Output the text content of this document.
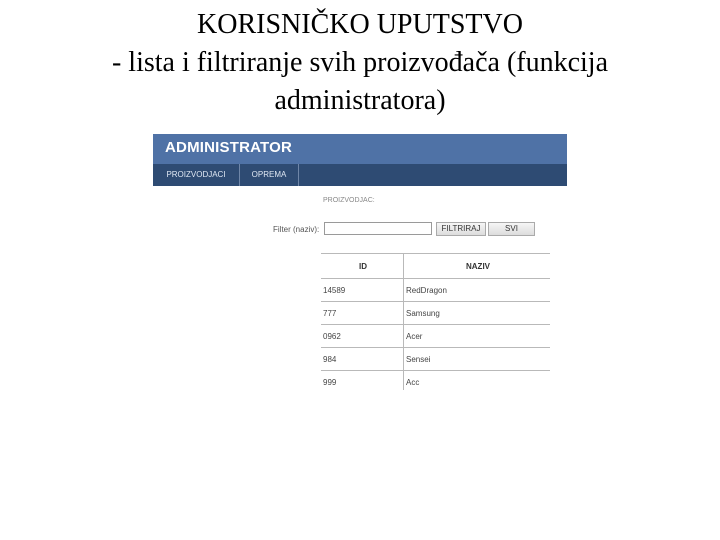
KORISNIČKO UPUTSTVO
- lista i filtriranje svih proizvođača (funkcija
administratora)
ADMINISTRATOR
PROIZVODJACI	OPREMA
PROIZVODJAC:
Filter (naziv):	FILTRIRAJ	SVI
ID	NAZIV
14589	RedDragon
777	Samsung
0962	Acer
984	Sensei
999	Acc
